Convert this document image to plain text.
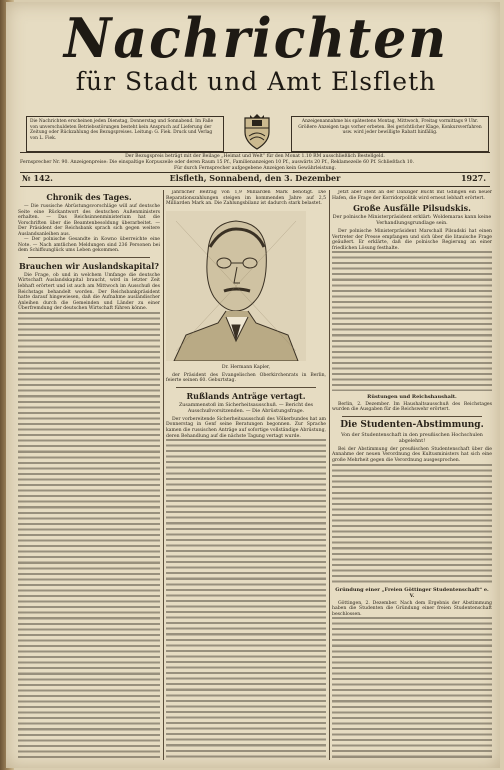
Nachrichten
für Stadt und Amt Elsfleth
Die Nachrichten erscheinen jeden Dienstag, Donnerstag und Sonnabend. Im Falle von unverschuldeten Betriebsstörungen besteht kein Anspruch auf Lieferung der Zeitung oder Rückzahlung des Bezugspreises. Leitung: G. Fiek. Druck und Verlag von L. Fiek.
Anzeigenannahme bis spätestens Montag, Mittwoch, Freitag vormittags 9 Uhr. Größere Anzeigen tags vorher erbeten. Bei gerichtlicher Klage, Konkursverfahren usw. wird jeder bewilligte Rabatt hinfällig.
Der Bezugspreis beträgt mit der Beilage „Heimat und Welt“ für den Monat 1.10 RM ausschließlich Bestellgeld.
Fernsprecher Nr. 90. Anzeigenpreise: Die einspaltige Korpuszeile oder deren Raum 15 Pf., Familienanzeigen 10 Pf., auswärts 20 Pf., Reklamezeile 60 Pf. Schließfach 10.
Für durch Fernsprecher aufgegebene Anzeigen kein Gewährleistung.
№ 142.	Elsfleth, Sonnabend, den 3. Dezember	1927.
Chronik des Tages.

— Die russische Abrüstungsvorschläge will auf deutsche Seite eine Rückantwort des deutschen Außenministers erhalten. — Das Reichsinnenministerium hat die Vorschriften über die Beamtenbesoldung überarbeitet. — Der Präsident der Reichsbank sprach sich gegen weitere Auslandsanleihen aus.

— Der polnische Gesandte in Kowno überreichte eine Note. — Nach amtlichen Meldungen sind 236 Personen bei dem Schiffsunglück ums Leben gekommen.

Brauchen wir Auslandskapital?

Die Frage, ob und in welchem Umfange die deutsche Wirtschaft Auslandskapital braucht, wird in letzter Zeit lebhaft erörtert und ist auch am Mittwoch im Ausschuß des Reichstags behandelt worden. Der Reichsbankpräsident hatte darauf hingewiesen, daß die Aufnahme ausländischer Anleihen durch die Gemeinden und Länder zu einer Überfremdung der deutschen Wirtschaft führen könne.

jährlicher Beitrag von 1,9 Milliarden Mark benötigt. Die Reparationszahlungen steigen im kommenden Jahre auf 2,5 Milliarden Mark an. Die Zahlungsbilanz ist dadurch stark belastet.

Dr. Hermann Kapler,

der Präsident des Evangelischen Oberkirchenrats in Berlin, feierte seinen 60. Geburtstag.

Rußlands Anträge vertagt.
Zusammenstoß im Sicherheitsausschuß. — Bericht des Ausschußvorsitzenden. — Die Abrüstungsfrage.

Der vorbereitende Sicherheitsausschuß des Völkerbundes hat am Donnerstag in Genf seine Beratungen begonnen. Zur Sprache kamen die russischen Anträge auf sofortige vollständige Abrüstung, deren Behandlung auf die nächste Tagung vertagt wurde.

Jetzt aber steht an der Danziger Bucht mit Gdingen ein neuer Hafen, die Frage der Korridorpolitik wird erneut lebhaft erörtert.

Große Ausfälle Pilsudskis.
Der polnische Ministerpräsident erklärt: Woldemaras kann keine Verhandlungsgrundlage sein.

Der polnische Ministerpräsident Marschall Pilsudski hat einen Vertreter der Presse empfangen und sich über die litauische Frage geäußert. Er erklärte, daß die polnische Regierung an einer friedlichen Lösung festhalte.

Rüstungen und Reichshaushalt.

Berlin, 2. Dezember. Im Haushaltsausschuß des Reichstages wurden die Ausgaben für die Reichswehr erörtert.

Die Studenten-Abstimmung.
Von der Studentenschaft in den preußischen Hochschulen abgelehnt!

Bei der Abstimmung der preußischen Studentenschaft über die Annahme der neuen Verordnung des Kultusministers hat sich eine große Mehrheit gegen die Verordnung ausgesprochen.

Gründung einer „Freien Göttinger Studentenschaft“ e. V.

Göttingen, 2. Dezember. Nach dem Ergebnis der Abstimmung haben die Studenten die Gründung einer freien Studentenschaft beschlossen.
